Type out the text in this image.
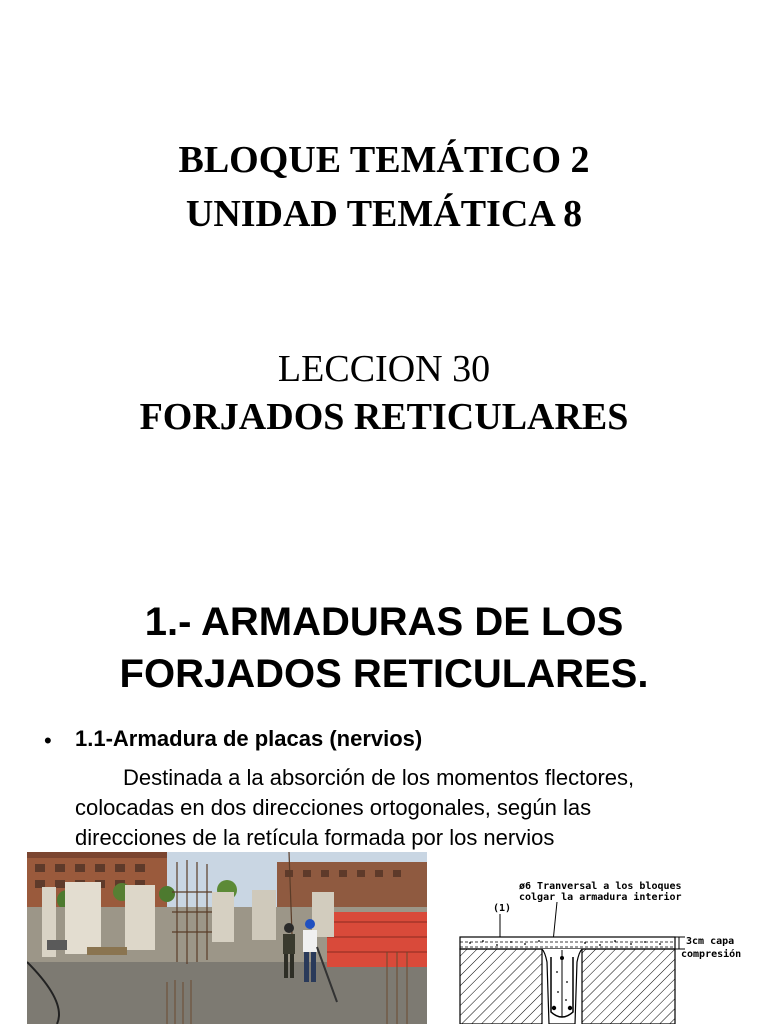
BLOQUE TEMÁTICO 2
UNIDAD TEMÁTICA 8
LECCION 30
FORJADOS RETICULARES
1.- ARMADURAS DE LOS
FORJADOS RETICULARES.
• 1.1-Armadura de placas (nervios)
Destinada a la absorción de los momentos flectores,
colocadas en dos direcciones ortogonales, según las
direcciones de la retícula formada por los nervios
ø6 Tranversal a los bloques
colgar la armadura interior
(1)
3cm capa
compresión
